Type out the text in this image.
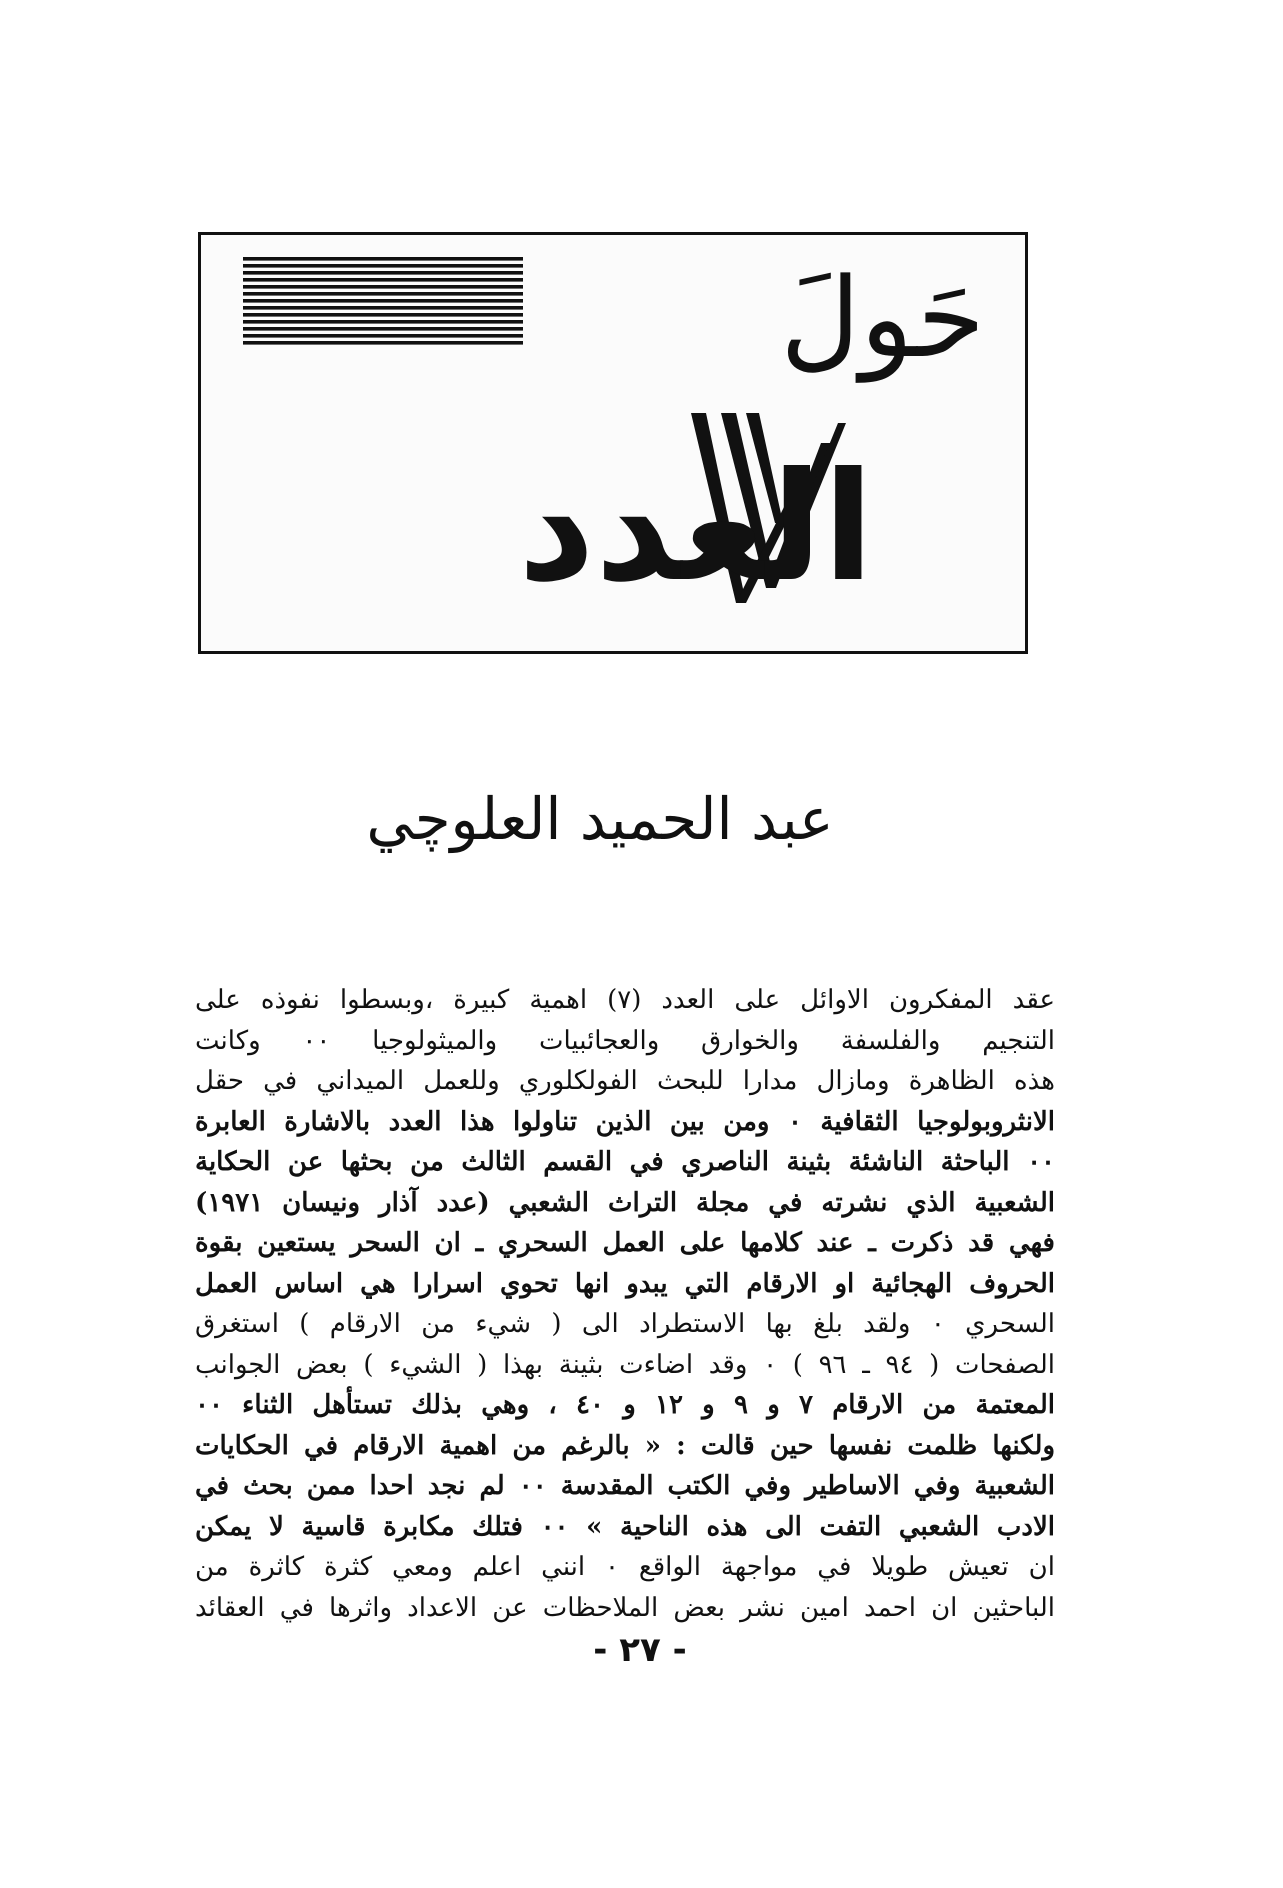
حَولَ
العدد
عبد الحميد العلوچي
عقد المفكرون الاوائل على العدد (٧) اهمية كبيرة ،وبسطوا نفوذه على
التنجيم والفلسفة والخوارق والعجائبيات والميثولوجيا ٠٠ وكانت
هذه الظاهرة ومازال مدارا للبحث الفولكلوري وللعمل الميداني في حقل
الانثروبولوجيا الثقافية ٠ ومن بين الذين تناولوا هذا العدد بالاشارة العابرة
٠٠ الباحثة الناشئة بثينة الناصري في القسم الثالث من بحثها عن الحكاية
الشعبية الذي نشرته في مجلة التراث الشعبي (عدد آذار ونيسان ١٩٧١)
فهي قد ذكرت ـ عند كلامها على العمل السحري ـ ان السحر يستعين بقوة
الحروف الهجائية او الارقام التي يبدو انها تحوي اسرارا هي اساس العمل
السحري ٠ ولقد بلغ بها الاستطراد الى ( شيء من الارقام ) استغرق
الصفحات ( ٩٤ ـ ٩٦ ) ٠ وقد اضاءت بثينة بهذا ( الشيء ) بعض الجوانب
المعتمة من الارقام ٧ و ٩ و ١٢ و ٤٠ ، وهي بذلك تستأهل الثناء ٠٠
ولكنها ظلمت نفسها حين قالت : « بالرغم من اهمية الارقام في الحكايات
الشعبية وفي الاساطير وفي الكتب المقدسة ٠٠ لم نجد احدا ممن بحث في
الادب الشعبي التفت الى هذه الناحية » ٠٠ فتلك مكابرة قاسية لا يمكن
ان تعيش طويلا في مواجهة الواقع ٠ انني اعلم ومعي كثرة كاثرة من
الباحثين ان احمد امين نشر بعض الملاحظات عن الاعداد واثرها في العقائد
- ٢٧ -
